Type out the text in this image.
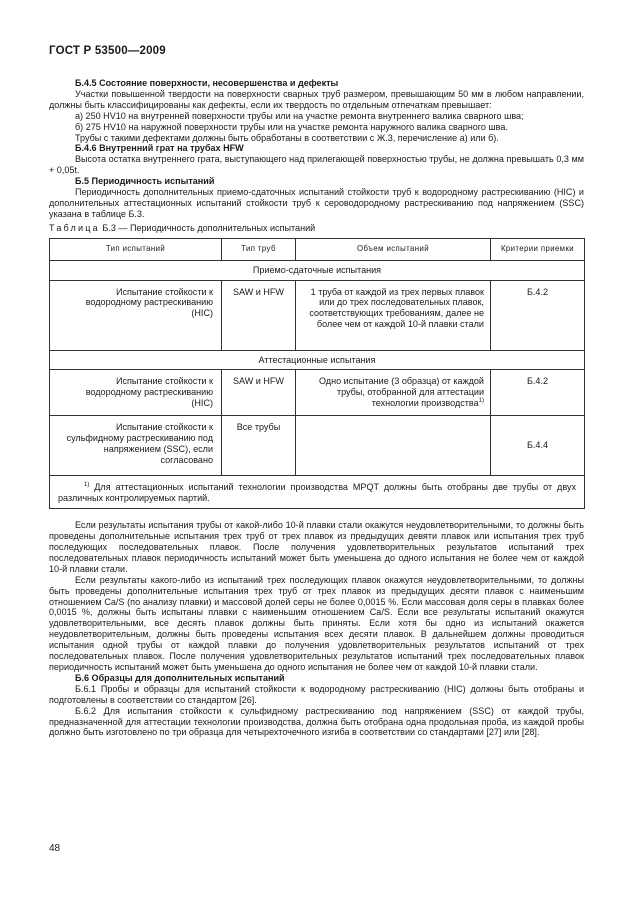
ГОСТ Р 53500—2009

Б.4.5 Состояние поверхности, несовершенства и дефекты

Участки повышенной твердости на поверхности сварных труб размером, превышающим 50 мм в любом направлении, должны быть классифицированы как дефекты, если их твердость по отдельным отпечаткам превышает:

а) 250 HV10 на внутренней поверхности трубы или на участке ремонта внутреннего валика сварного шва;

б) 275 HV10 на наружной поверхности трубы или на участке ремонта наружного валика сварного шва.

Трубы с такими дефектами должны быть обработаны в соответствии с Ж.3, перечисление а) или б).

Б.4.6 Внутренний грат на трубах HFW

Высота остатка внутреннего грата, выступающего над прилегающей поверхностью трубы, не должна превышать 0,3 мм + 0,05t.

Б.5 Периодичность испытаний

Периодичность дополнительных приемо-сдаточных испытаний стойкости труб к водородному растрескиванию (HIC) и дополнительных аттестационных испытаний стойкости труб к сероводородному растрескиванию под напряжением (SSC) указана в таблице Б.3.

Таблица Б.3 — Периодичность дополнительных испытаний

Тип испытаний	Тип труб	Объем испытаний	Критерии приемки
Приемо-сдаточные испытания			
Испытание стойкости к водородному растрескиванию (HIC)	SAW и HFW	1 труба от каждой из трех первых плавок или до трех последовательных плавок, соответствующих требованиям, далее не более чем от каждой 10-й плавки стали	Б.4.2
Аттестационные испытания			
Испытание стойкости к водородному растрескиванию (HIC)	SAW и HFW	Одно испытание (3 образца) от каждой трубы, отобранной для аттестации технологии производства$^{1)}$	Б.4.2
Испытание стойкости к сульфидному растрескиванию под напряжением (SSC), если согласовано	Все трубы		Б.4.4

$^{1)}$ Для аттестационных испытаний технологии производства MPQT должны быть отобраны две трубы от двух различных контролируемых партий.			

Если результаты испытания трубы от какой-либо 10-й плавки стали окажутся неудовлетворительными, то должны быть проведены дополнительные испытания трех труб от трех плавок из предыдущих девяти плавок или испытания трех труб последующих последовательных плавок. После получения удовлетворительных результатов испытаний трех последовательных плавок периодичность испытаний может быть уменьшена до одного испытания не более чем от каждой 10-й плавки стали.

Если результаты какого-либо из испытаний трех последующих плавок окажутся неудовлетворительными, то должны быть проведены дополнительные испытания трех труб от трех плавок из предыдущих десяти плавок с наименьшим отношением Ca/S (по анализу плавки) и массовой долей серы не более 0,0015 %. Если массовая доля серы в плавках более 0,0015 %, должны быть испытаны плавки с наименьшим отношением Ca/S. Если все результаты испытаний окажутся удовлетворительными, все десять плавок должны быть приняты. Если хотя бы одно из испытаний окажется неудовлетворительным, должны быть проведены испытания всех десяти плавок. В дальнейшем должны проводиться испытания одной трубы от каждой плавки до получения удовлетворительных результатов испытаний от трех последовательных плавок. После получения удовлетворительных результатов испытаний трех последовательных плавок периодичность испытаний может быть уменьшена до одного испытания не более чем от каждой 10-й плавки стали.

Б.6 Образцы для дополнительных испытаний

Б.6.1 Пробы и образцы для испытаний стойкости к водородному растрескиванию (HIC) должны быть отобраны и подготовлены в соответствии со стандартом [26].

Б.6.2 Для испытания стойкости к сульфидному растрескиванию под напряжением (SSC) от каждой трубы, предназначенной для аттестации технологии производства, должна быть отобрана одна продольная проба, из каждой пробы должно быть изготовлено по три образца для четырехточечного изгиба в соответствии со стандартами [27] или [28].

48
